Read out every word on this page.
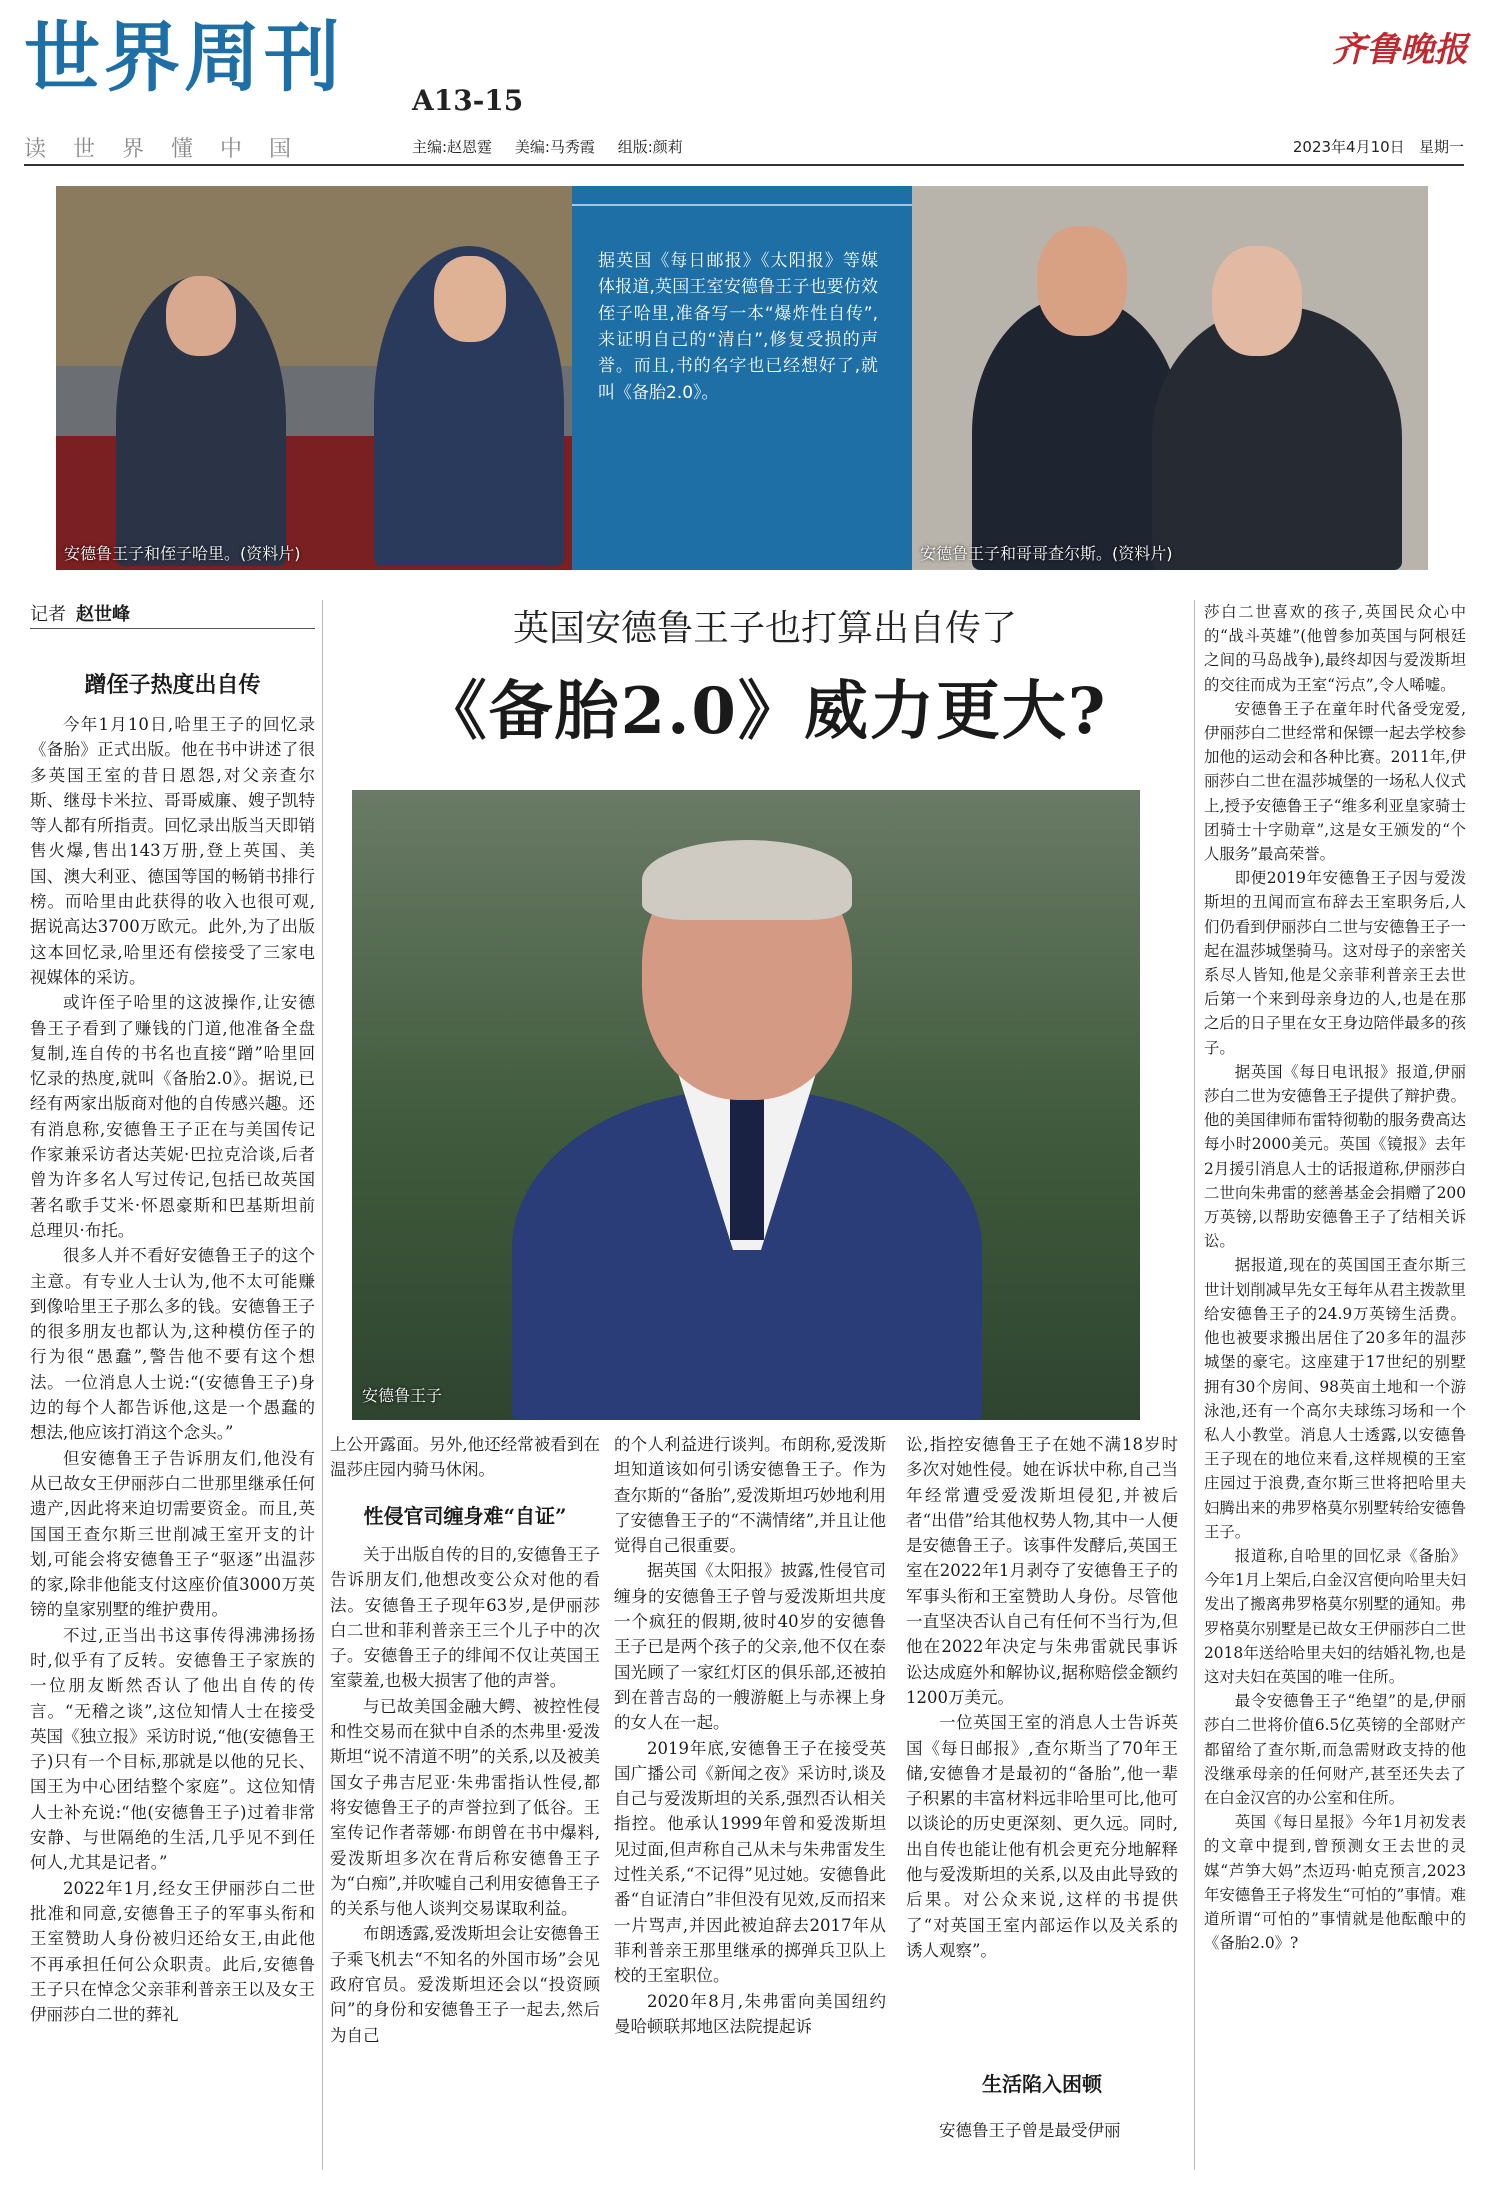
世界周刊 A13-15
齐鲁晚报
读世界懂中国	主编:赵恩霆 美编:马秀霞 组版:颜莉	2023年4月10日 星期一
安德鲁王子和侄子哈里。(资料片)
据英国《每日邮报》《太阳报》等媒体报道,英国王室安德鲁王子也要仿效侄子哈里,准备写一本“爆炸性自传”,来证明自己的“清白”,修复受损的声誉。而且,书的名字也已经想好了,就叫《备胎2.0》。
安德鲁王子和哥哥查尔斯。(资料片)
记者 赵世峰	英国安德鲁王子也打算出自传了
《备胎2.0》威力更大?
安德鲁王子
蹭侄子热度出自传

今年1月10日,哈里王子的回忆录《备胎》正式出版。他在书中讲述了很多英国王室的昔日恩怨,对父亲查尔斯、继母卡米拉、哥哥威廉、嫂子凯特等人都有所指责。回忆录出版当天即销售火爆,售出143万册,登上英国、美国、澳大利亚、德国等国的畅销书排行榜。而哈里由此获得的收入也很可观,据说高达3700万欧元。此外,为了出版这本回忆录,哈里还有偿接受了三家电视媒体的采访。

或许侄子哈里的这波操作,让安德鲁王子看到了赚钱的门道,他准备全盘复制,连自传的书名也直接“蹭”哈里回忆录的热度,就叫《备胎2.0》。据说,已经有两家出版商对他的自传感兴趣。还有消息称,安德鲁王子正在与美国传记作家兼采访者达芙妮·巴拉克洽谈,后者曾为许多名人写过传记,包括已故英国著名歌手艾米·怀恩豪斯和巴基斯坦前总理贝·布托。

很多人并不看好安德鲁王子的这个主意。有专业人士认为,他不太可能赚到像哈里王子那么多的钱。安德鲁王子的很多朋友也都认为,这种模仿侄子的行为很“愚蠢”,警告他不要有这个想法。一位消息人士说:“(安德鲁王子)身边的每个人都告诉他,这是一个愚蠢的想法,他应该打消这个念头。”

但安德鲁王子告诉朋友们,他没有从已故女王伊丽莎白二世那里继承任何遗产,因此将来迫切需要资金。而且,英国国王查尔斯三世削减王室开支的计划,可能会将安德鲁王子“驱逐”出温莎的家,除非他能支付这座价值3000万英镑的皇家别墅的维护费用。

不过,正当出书这事传得沸沸扬扬时,似乎有了反转。安德鲁王子家族的一位朋友断然否认了他出自传的传言。“无稽之谈”,这位知情人士在接受英国《独立报》采访时说,“他(安德鲁王子)只有一个目标,那就是以他的兄长、国王为中心团结整个家庭”。这位知情人士补充说:“他(安德鲁王子)过着非常安静、与世隔绝的生活,几乎见不到任何人,尤其是记者。”

2022年1月,经女王伊丽莎白二世批准和同意,安德鲁王子的军事头衔和王室赞助人身份被归还给女王,由此他不再承担任何公众职责。此后,安德鲁王子只在悼念父亲菲利普亲王以及女王伊丽莎白二世的葬礼

上公开露面。另外,他还经常被看到在温莎庄园内骑马休闲。

性侵官司缠身难“自证”

关于出版自传的目的,安德鲁王子告诉朋友们,他想改变公众对他的看法。安德鲁王子现年63岁,是伊丽莎白二世和菲利普亲王三个儿子中的次子。安德鲁王子的绯闻不仅让英国王室蒙羞,也极大损害了他的声誉。

与已故美国金融大鳄、被控性侵和性交易而在狱中自杀的杰弗里·爱泼斯坦“说不清道不明”的关系,以及被美国女子弗吉尼亚·朱弗雷指认性侵,都将安德鲁王子的声誉拉到了低谷。王室传记作者蒂娜·布朗曾在书中爆料,爱泼斯坦多次在背后称安德鲁王子为“白痴”,并吹嘘自己利用安德鲁王子的关系与他人谈判交易谋取利益。

布朗透露,爱泼斯坦会让安德鲁王子乘飞机去“不知名的外国市场”会见政府官员。爱泼斯坦还会以“投资顾问”的身份和安德鲁王子一起去,然后为自己

的个人利益进行谈判。布朗称,爱泼斯坦知道该如何引诱安德鲁王子。作为查尔斯的“备胎”,爱泼斯坦巧妙地利用了安德鲁王子的“不满情绪”,并且让他觉得自己很重要。

据英国《太阳报》披露,性侵官司缠身的安德鲁王子曾与爱泼斯坦共度一个疯狂的假期,彼时40岁的安德鲁王子已是两个孩子的父亲,他不仅在泰国光顾了一家红灯区的俱乐部,还被拍到在普吉岛的一艘游艇上与赤裸上身的女人在一起。

2019年底,安德鲁王子在接受英国广播公司《新闻之夜》采访时,谈及自己与爱泼斯坦的关系,强烈否认相关指控。他承认1999年曾和爱泼斯坦见过面,但声称自己从未与朱弗雷发生过性关系,“不记得”见过她。安德鲁此番“自证清白”非但没有见效,反而招来一片骂声,并因此被迫辞去2017年从菲利普亲王那里继承的掷弹兵卫队上校的王室职位。

2020年8月,朱弗雷向美国纽约曼哈顿联邦地区法院提起诉

讼,指控安德鲁王子在她不满18岁时多次对她性侵。她在诉状中称,自己当年经常遭受爱泼斯坦侵犯,并被后者“出借”给其他权势人物,其中一人便是安德鲁王子。该事件发酵后,英国王室在2022年1月剥夺了安德鲁王子的军事头衔和王室赞助人身份。尽管他一直坚决否认自己有任何不当行为,但他在2022年决定与朱弗雷就民事诉讼达成庭外和解协议,据称赔偿金额约1200万美元。

一位英国王室的消息人士告诉英国《每日邮报》,查尔斯当了70年王储,安德鲁才是最初的“备胎”,他一辈子积累的丰富材料远非哈里可比,他可以谈论的历史更深刻、更久远。同时,出自传也能让他有机会更充分地解释他与爱泼斯坦的关系,以及由此导致的后果。对公众来说,这样的书提供了“对英国王室内部运作以及关系的诱人观察”。

生活陷入困顿

安德鲁王子曾是最受伊丽

莎白二世喜欢的孩子,英国民众心中的“战斗英雄”(他曾参加英国与阿根廷之间的马岛战争),最终却因与爱泼斯坦的交往而成为王室“污点”,令人唏嘘。

安德鲁王子在童年时代备受宠爱,伊丽莎白二世经常和保镖一起去学校参加他的运动会和各种比赛。2011年,伊丽莎白二世在温莎城堡的一场私人仪式上,授予安德鲁王子“维多利亚皇家骑士团骑士十字勋章”,这是女王颁发的“个人服务”最高荣誉。

即便2019年安德鲁王子因与爱泼斯坦的丑闻而宣布辞去王室职务后,人们仍看到伊丽莎白二世与安德鲁王子一起在温莎城堡骑马。这对母子的亲密关系尽人皆知,他是父亲菲利普亲王去世后第一个来到母亲身边的人,也是在那之后的日子里在女王身边陪伴最多的孩子。

据英国《每日电讯报》报道,伊丽莎白二世为安德鲁王子提供了辩护费。他的美国律师布雷特彻勒的服务费高达每小时2000美元。英国《镜报》去年2月援引消息人士的话报道称,伊丽莎白二世向朱弗雷的慈善基金会捐赠了200万英镑,以帮助安德鲁王子了结相关诉讼。

据报道,现在的英国国王查尔斯三世计划削减早先女王每年从君主拨款里给安德鲁王子的24.9万英镑生活费。他也被要求搬出居住了20多年的温莎城堡的豪宅。这座建于17世纪的别墅拥有30个房间、98英亩土地和一个游泳池,还有一个高尔夫球练习场和一个私人小教堂。消息人士透露,以安德鲁王子现在的地位来看,这样规模的王室庄园过于浪费,查尔斯三世将把哈里夫妇腾出来的弗罗格莫尔别墅转给安德鲁王子。

报道称,自哈里的回忆录《备胎》今年1月上架后,白金汉宫便向哈里夫妇发出了搬离弗罗格莫尔别墅的通知。弗罗格莫尔别墅是已故女王伊丽莎白二世2018年送给哈里夫妇的结婚礼物,也是这对夫妇在英国的唯一住所。

最令安德鲁王子“绝望”的是,伊丽莎白二世将价值6.5亿英镑的全部财产都留给了查尔斯,而急需财政支持的他没继承母亲的任何财产,甚至还失去了在白金汉宫的办公室和住所。

英国《每日星报》今年1月初发表的文章中提到,曾预测女王去世的灵媒“芦笋大妈”杰迈玛·帕克预言,2023年安德鲁王子将发生“可怕的”事情。难道所谓“可怕的”事情就是他酝酿中的《备胎2.0》?
